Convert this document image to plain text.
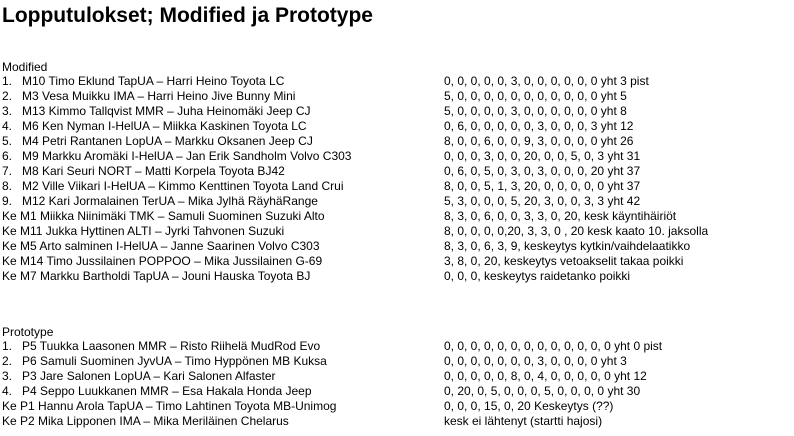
Lopputulokset; Modified ja Prototype
Modified
1. M10 Timo Eklund TapUA – Harri Heino Toyota LC	0, 0, 0, 0, 0, 3, 0, 0, 0, 0, 0, 0 yht 3 pist
2. M3 Vesa Muikku IMA – Harri Heino Jive Bunny Mini	5, 0, 0, 0, 0, 0, 0, 0, 0, 0, 0, 0 yht 5
3. M13 Kimmo Tallqvist MMR – Juha Heinomäki Jeep CJ	5, 0, 0, 0, 0, 3, 0, 0, 0, 0, 0, 0 yht 8
4. M6 Ken Nyman I-HelUA – Miikka Kaskinen Toyota LC	0, 6, 0, 0, 0, 0, 0, 3, 0, 0, 0, 3 yht 12
5. M4 Petri Rantanen LopUA – Markku Oksanen Jeep CJ	8, 0, 0, 6, 0, 0, 9, 3, 0, 0, 0, 0 yht 26
6. M9 Markku Aromäki I-HelUA – Jan Erik Sandholm Volvo C303	0, 0, 0, 3, 0, 0, 20, 0, 0, 5, 0, 3 yht 31
7. M8 Kari Seuri NORT – Matti Korpela Toyota BJ42	0, 6, 0, 5, 0, 3, 0, 3, 0, 0, 0, 20 yht 37
8. M2 Ville Viikari I-HelUA – Kimmo Kenttinen Toyota Land Crui	8, 0, 0, 5, 1, 3, 20, 0, 0, 0, 0, 0 yht 37
9. M12 Kari Jormalainen TerUA – Mika Jylhä RäyhäRange	5, 3, 0, 0, 0, 5, 20, 3, 0, 0, 3, 3 yht 42
Ke M1 Miikka Niinimäki TMK – Samuli Suominen Suzuki Alto	8, 3, 0, 6, 0, 0, 3, 3, 0, 20, kesk käyntihäiriöt
Ke M11 Jukka Hyttinen ALTI – Jyrki Tahvonen Suzuki	8, 0, 0, 0, 0,20, 3, 3, 0 , 20 kesk kaato 10. jaksolla
Ke M5 Arto salminen I-HelUA – Janne Saarinen Volvo C303	8, 3, 0, 6, 3, 9, keskeytys kytkin/vaihdelaatikko
Ke M14 Timo Jussilainen POPPOO – Mika Jussilainen G-69	3, 8, 0, 20, keskeytys vetoakselit takaa poikki
Ke M7 Markku Bartholdi TapUA – Jouni Hauska Toyota BJ	0, 0, 0, keskeytys raidetanko poikki
Prototype
1. P5 Tuukka Laasonen MMR – Risto Riihelä MudRod Evo	0, 0, 0, 0, 0, 0, 0, 0, 0, 0, 0, 0, 0 yht 0 pist
2. P6 Samuli Suominen JyvUA – Timo Hyppönen MB Kuksa	0, 0, 0, 0, 0, 0, 0, 3, 0, 0, 0, 0 yht 3
3. P3 Jare Salonen LopUA – Kari Salonen Alfaster	0, 0, 0, 0, 0, 8, 0, 4, 0, 0, 0, 0, 0 yht 12
4. P4 Seppo Luukkanen MMR – Esa Hakala Honda Jeep	0, 20, 0, 5, 0, 0, 0, 5, 0, 0, 0, 0 yht 30
Ke P1 Hannu Arola TapUA – Timo Lahtinen Toyota MB-Unimog	0, 0, 0, 15, 0, 20 Keskeytys (??)
Ke P2 Mika Lipponen IMA – Mika Meriläinen Chelarus	kesk ei lähtenyt (startti hajosi)
